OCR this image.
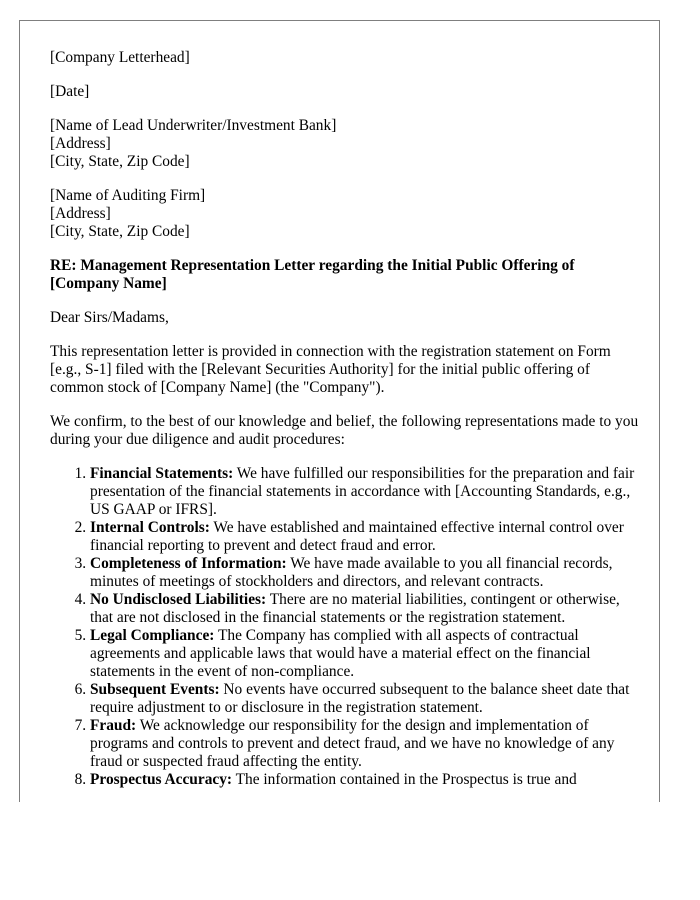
[Company Letterhead]

[Date]

[Name of Lead Underwriter/Investment Bank]

[Address]

[City, State, Zip Code]

[Name of Auditing Firm]

[Address]

[City, State, Zip Code]

RE: Management Representation Letter regarding the Initial Public Offering of [Company Name]

Dear Sirs/Madams,

This representation letter is provided in connection with the registration statement on Form [e.g., S-1] filed with the [Relevant Securities Authority] for the initial public offering of common stock of [Company Name] (the "Company").

We confirm, to the best of our knowledge and belief, the following representations made to you during your due diligence and audit procedures:

1. Financial Statements: We have fulfilled our responsibilities for the preparation and fair presentation of the financial statements in accordance with [Accounting Standards, e.g., US GAAP or IFRS].
2. Internal Controls: We have established and maintained effective internal control over financial reporting to prevent and detect fraud and error.
3. Completeness of Information: We have made available to you all financial records, minutes of meetings of stockholders and directors, and relevant contracts.
4. No Undisclosed Liabilities: There are no material liabilities, contingent or otherwise, that are not disclosed in the financial statements or the registration statement.
5. Legal Compliance: The Company has complied with all aspects of contractual agreements and applicable laws that would have a material effect on the financial statements in the event of non-compliance.
6. Subsequent Events: No events have occurred subsequent to the balance sheet date that require adjustment to or disclosure in the registration statement.
7. Fraud: We acknowledge our responsibility for the design and implementation of programs and controls to prevent and detect fraud, and we have no knowledge of any fraud or suspected fraud affecting the entity.
8. Prospectus Accuracy: The information contained in the Prospectus is true and
